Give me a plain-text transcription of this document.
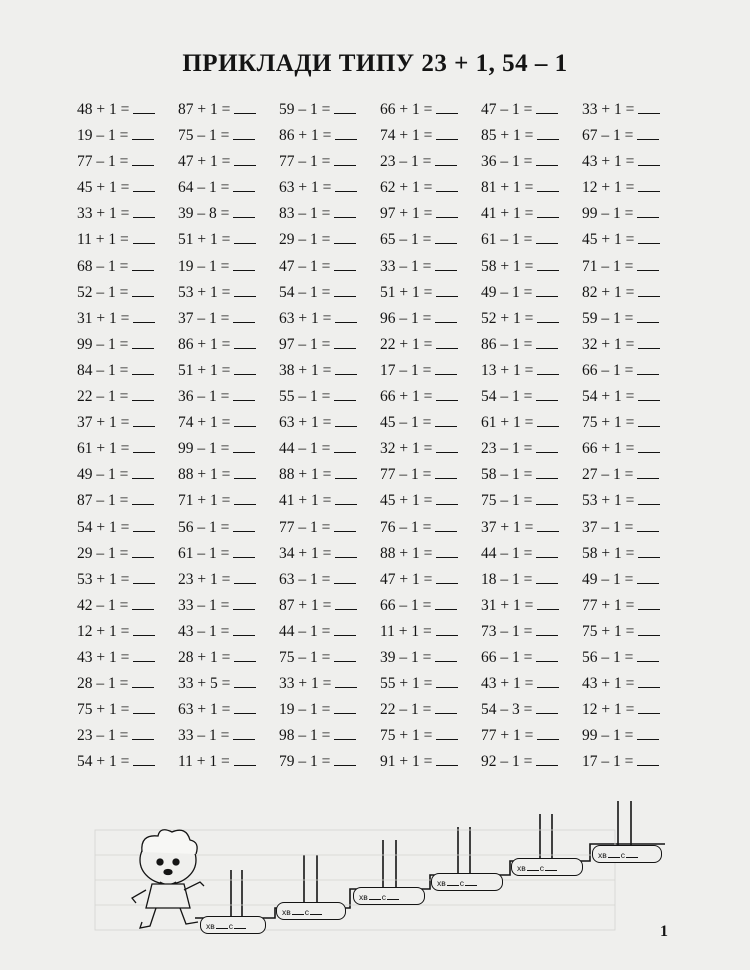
ПРИКЛАДИ ТИПУ 23 + 1, 54 – 1
48 + 1 =	87 + 1 =	59 – 1 =	66 + 1 =	47 – 1 =	33 + 1 =
19 – 1 =	75 – 1 =	86 + 1 =	74 + 1 =	85 + 1 =	67 – 1 =
77 – 1 =	47 + 1 =	77 – 1 =	23 – 1 =	36 – 1 =	43 + 1 =
45 + 1 =	64 – 1 =	63 + 1 =	62 + 1 =	81 + 1 =	12 + 1 =
33 + 1 =	39 – 8 =	83 – 1 =	97 + 1 =	41 + 1 =	99 – 1 =
11 + 1 =	51 + 1 =	29 – 1 =	65 – 1 =	61 – 1 =	45 + 1 =
68 – 1 =	19 – 1 =	47 – 1 =	33 – 1 =	58 + 1 =	71 – 1 =
52 – 1 =	53 + 1 =	54 – 1 =	51 + 1 =	49 – 1 =	82 + 1 =
31 + 1 =	37 – 1 =	63 + 1 =	96 – 1 =	52 + 1 =	59 – 1 =
99 – 1 =	86 + 1 =	97 – 1 =	22 + 1 =	86 – 1 =	32 + 1 =
84 – 1 =	51 + 1 =	38 + 1 =	17 – 1 =	13 + 1 =	66 – 1 =
22 – 1 =	36 – 1 =	55 – 1 =	66 + 1 =	54 – 1 =	54 + 1 =
37 + 1 =	74 + 1 =	63 + 1 =	45 – 1 =	61 + 1 =	75 + 1 =
61 + 1 =	99 – 1 =	44 – 1 =	32 + 1 =	23 – 1 =	66 + 1 =
49 – 1 =	88 + 1 =	88 + 1 =	77 – 1 =	58 – 1 =	27 – 1 =
87 – 1 =	71 + 1 =	41 + 1 =	45 + 1 =	75 – 1 =	53 + 1 =
54 + 1 =	56 – 1 =	77 – 1 =	76 – 1 =	37 + 1 =	37 – 1 =
29 – 1 =	61 – 1 =	34 + 1 =	88 + 1 =	44 – 1 =	58 + 1 =
53 + 1 =	23 + 1 =	63 – 1 =	47 + 1 =	18 – 1 =	49 – 1 =
42 – 1 =	33 – 1 =	87 + 1 =	66 – 1 =	31 + 1 =	77 + 1 =
12 + 1 =	43 – 1 =	44 – 1 =	11 + 1 =	73 – 1 =	75 + 1 =
43 + 1 =	28 + 1 =	75 – 1 =	39 – 1 =	66 – 1 =	56 – 1 =
28 – 1 =	33 + 5 =	33 + 1 =	55 + 1 =	43 + 1 =	43 + 1 =
75 + 1 =	63 + 1 =	19 – 1 =	22 – 1 =	54 – 3 =	12 + 1 =
23 – 1 =	33 – 1 =	98 – 1 =	75 + 1 =	77 + 1 =	99 – 1 =
54 + 1 =	11 + 1 =	79 – 1 =	91 + 1 =	92 – 1 =	17 – 1 =
хв с
хв с
хв с
хв с
хв с
хв с
1
